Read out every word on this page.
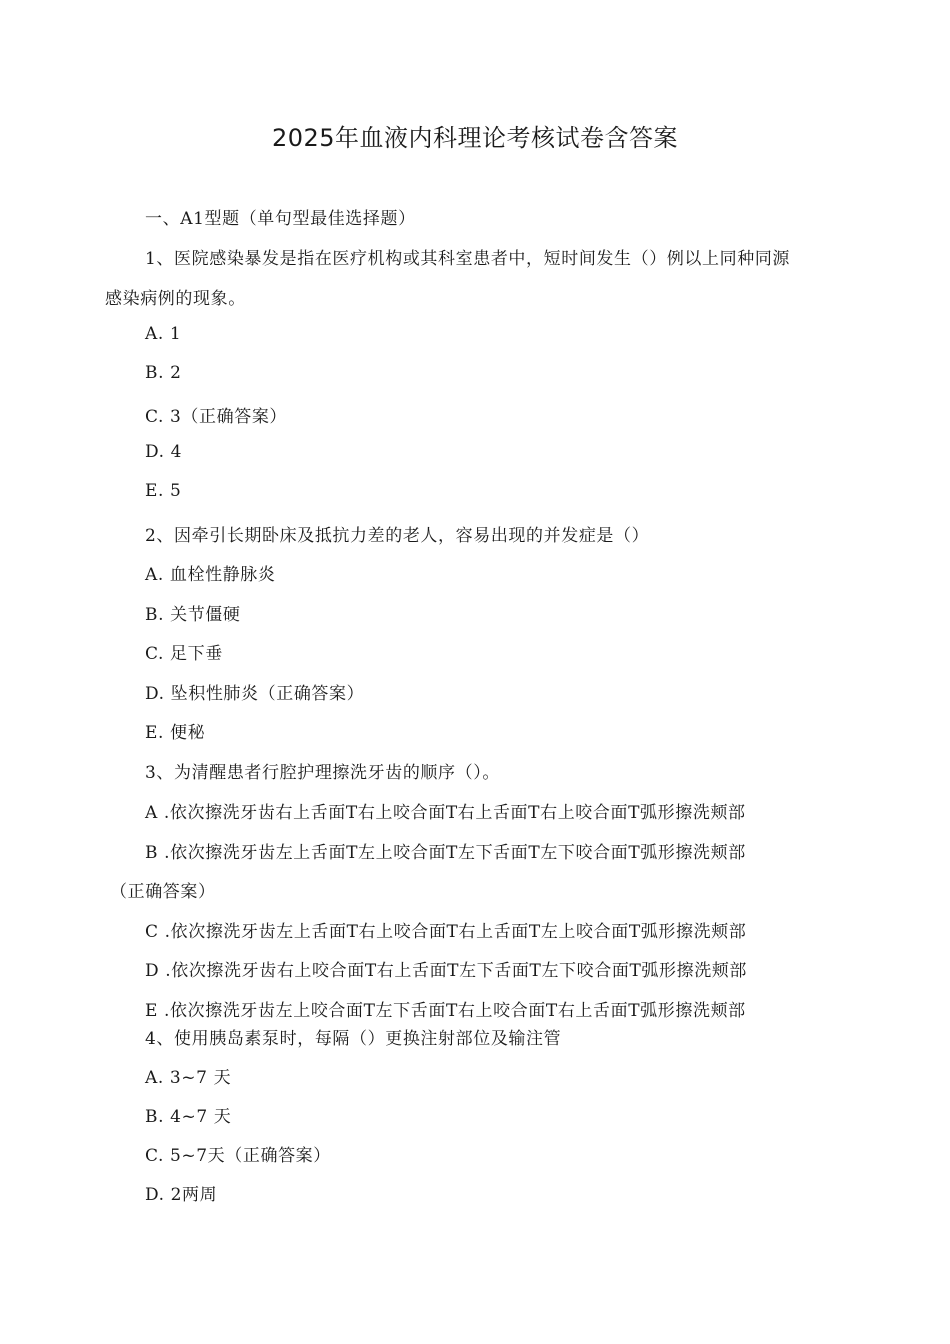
2025年血液内科理论考核试卷含答案
一、A1型题（单句型最佳选择题）
1、医院感染暴发是指在医疗机构或其科室患者中，短时间发生（）例以上同种同源
感染病例的现象。
A. 1
B. 2
C. 3（正确答案）
D. 4
E. 5
2、因牵引长期卧床及抵抗力差的老人，容易出现的并发症是（）
A. 血栓性静脉炎
B. 关节僵硬
C. 足下垂
D. 坠积性肺炎（正确答案）
E. 便秘
3、为清醒患者行腔护理擦洗牙齿的顺序（）。
A .依次擦洗牙齿右上舌面T右上咬合面T右上舌面T右上咬合面T弧形擦洗颊部
B .依次擦洗牙齿左上舌面T左上咬合面T左下舌面T左下咬合面T弧形擦洗颊部
（正确答案）
C .依次擦洗牙齿左上舌面T右上咬合面T右上舌面T左上咬合面T弧形擦洗颊部
D .依次擦洗牙齿右上咬合面T右上舌面T左下舌面T左下咬合面T弧形擦洗颊部
E .依次擦洗牙齿左上咬合面T左下舌面T右上咬合面T右上舌面T弧形擦洗颊部
4、使用胰岛素泵时，每隔（）更换注射部位及输注管
A. 3~7 天
B. 4~7 天
C. 5~7天（正确答案）
D. 2两周
